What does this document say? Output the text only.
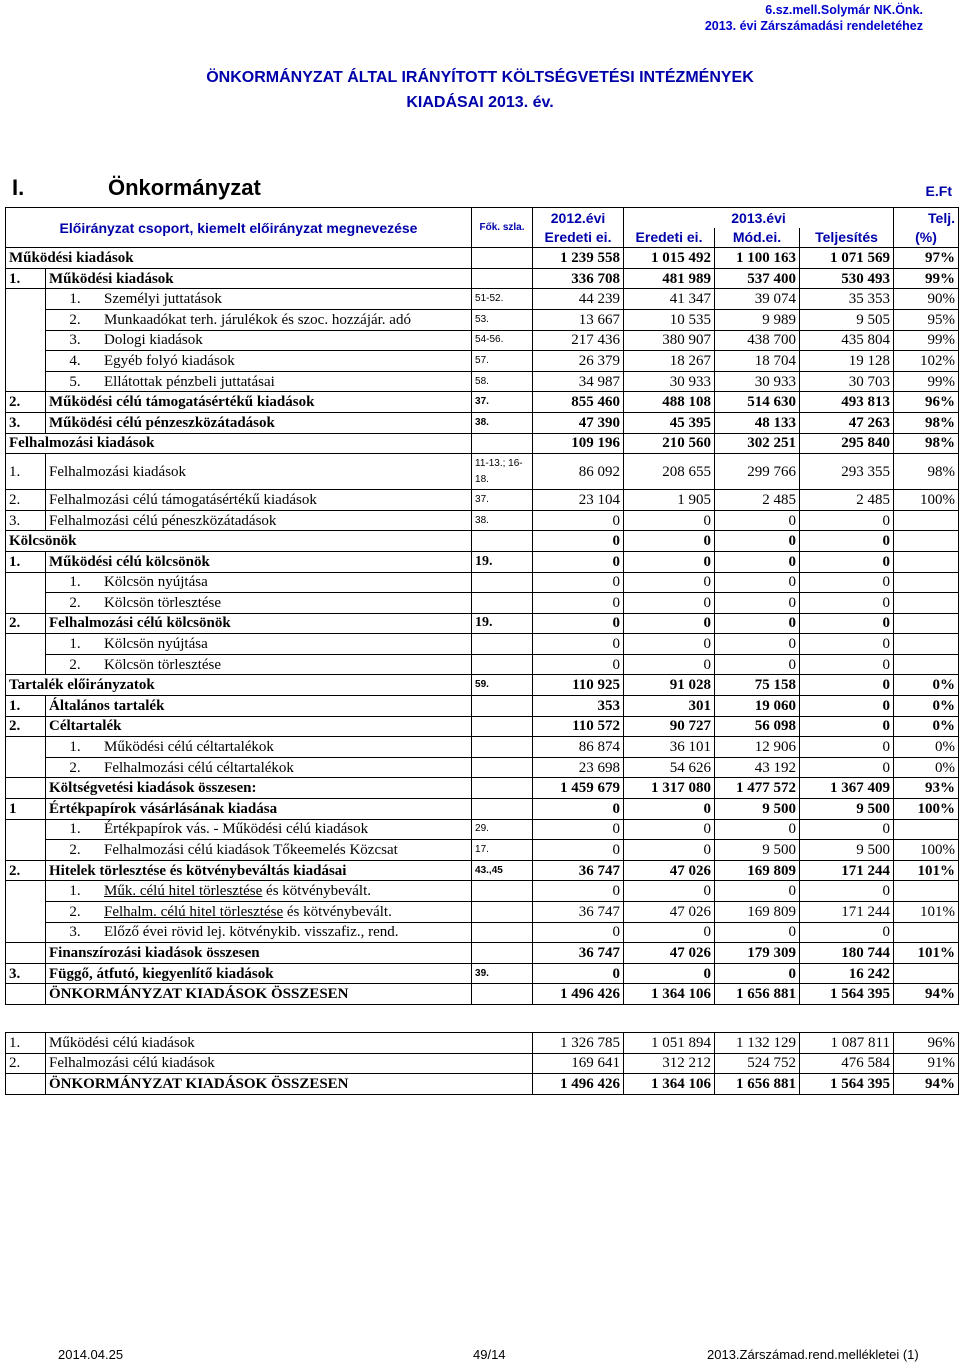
6.sz.mell.Solymár NK.Önk.
2013. évi Zárszámadási rendeletéhez
ÖNKORMÁNYZAT ÁLTAL IRÁNYÍTOTT KÖLTSÉGVETÉSI INTÉZMÉNYEK
KIADÁSAI 2013. év.
I.	Önkormányzat	E.Ft
Előirányzat csoport, kiemelt előirányzat megnevezése		Fők. szla.	2012.évi	2013.évi			Telj.
			Eredeti ei.	Eredeti ei.	Mód.ei.	Teljesítés	(%)
Működési kiadások			1 239 558	1 015 492	1 100 163	1 071 569	97%
1.	Működési kiadások		336 708	481 989	537 400	530 493	99%
	1. Személyi juttatások	51-52.	44 239	41 347	39 074	35 353	90%
	2. Munkaadókat terh. járulékok és szoc. hozzájár. adó	53.	13 667	10 535	9 989	9 505	95%
	3. Dologi kiadások	54-56.	217 436	380 907	438 700	435 804	99%
	4. Egyéb folyó kiadások	57.	26 379	18 267	18 704	19 128	102%
	5. Ellátottak pénzbeli juttatásai	58.	34 987	30 933	30 933	30 703	99%
2.	Működési célú támogatásértékű kiadások	37.	855 460	488 108	514 630	493 813	96%
3.	Működési célú pénzeszközátadások	38.	47 390	45 395	48 133	47 263	98%
Felhalmozási kiadások			109 196	210 560	302 251	295 840	98%
1.	Felhalmozási kiadások	11-13.; 16-18.	86 092	208 655	299 766	293 355	98%
2.	Felhalmozási célú támogatásértékű kiadások	37.	23 104	1 905	2 485	2 485	100%
3.	Felhalmozási célú péneszközátadások	38.	0	0	0	0	
Kölcsönök			0	0	0	0	
1.	Működési célú kölcsönök	19.	0	0	0	0	
	1. Kölcsön nyújtása		0	0	0	0	
	2. Kölcsön törlesztése		0	0	0	0	
2.	Felhalmozási célú kölcsönök	19.	0	0	0	0	
	1. Kölcsön nyújtása		0	0	0	0	
	2. Kölcsön törlesztése		0	0	0	0	
Tartalék előirányzatok		59.	110 925	91 028	75 158	0	0%
1.	Általános tartalék		353	301	19 060	0	0%
2.	Céltartalék		110 572	90 727	56 098	0	0%
	1. Működési célú céltartalékok		86 874	36 101	12 906	0	0%
	2. Felhalmozási célú céltartalékok		23 698	54 626	43 192	0	0%
	Költségvetési kiadások összesen:		1 459 679	1 317 080	1 477 572	1 367 409	93%
1	Értékpapírok vásárlásának kiadása		0	0	9 500	9 500	100%
	1. Értékpapírok vás. - Működési célú kiadások	29.	0	0	0	0	
	2. Felhalmozási célú kiadások Tőkeemelés Közcsat	17.	0	0	9 500	9 500	100%
2.	Hitelek törlesztése és kötvénybeváltás kiadásai	43.,45	36 747	47 026	169 809	171 244	101%
	1. Műk. célú hitel törlesztése és kötvénybevált.		0	0	0	0	
	2. Felhalm. célú hitel törlesztése és kötvénybevált.		36 747	47 026	169 809	171 244	101%
	3. Előző évei rövid lej. kötvénykib. visszafiz., rend.		0	0	0	0	
	Finanszírozási kiadások összesen		36 747	47 026	179 309	180 744	101%
3.	Függő, átfutó, kiegyenlítő kiadások	39.	0	0	0	16 242	
	ÖNKORMÁNYZAT KIADÁSOK ÖSSZESEN		1 496 426	1 364 106	1 656 881	1 564 395	94%
1.	Működési célú kiadások	1 326 785	1 051 894	1 132 129	1 087 811	96%
2.	Felhalmozási célú kiadások	169 641	312 212	524 752	476 584	91%
	ÖNKORMÁNYZAT KIADÁSOK ÖSSZESEN	1 496 426	1 364 106	1 656 881	1 564 395	94%
2014.04.25	49/14	2013.Zárszámad.rend.mellékletei (1)
